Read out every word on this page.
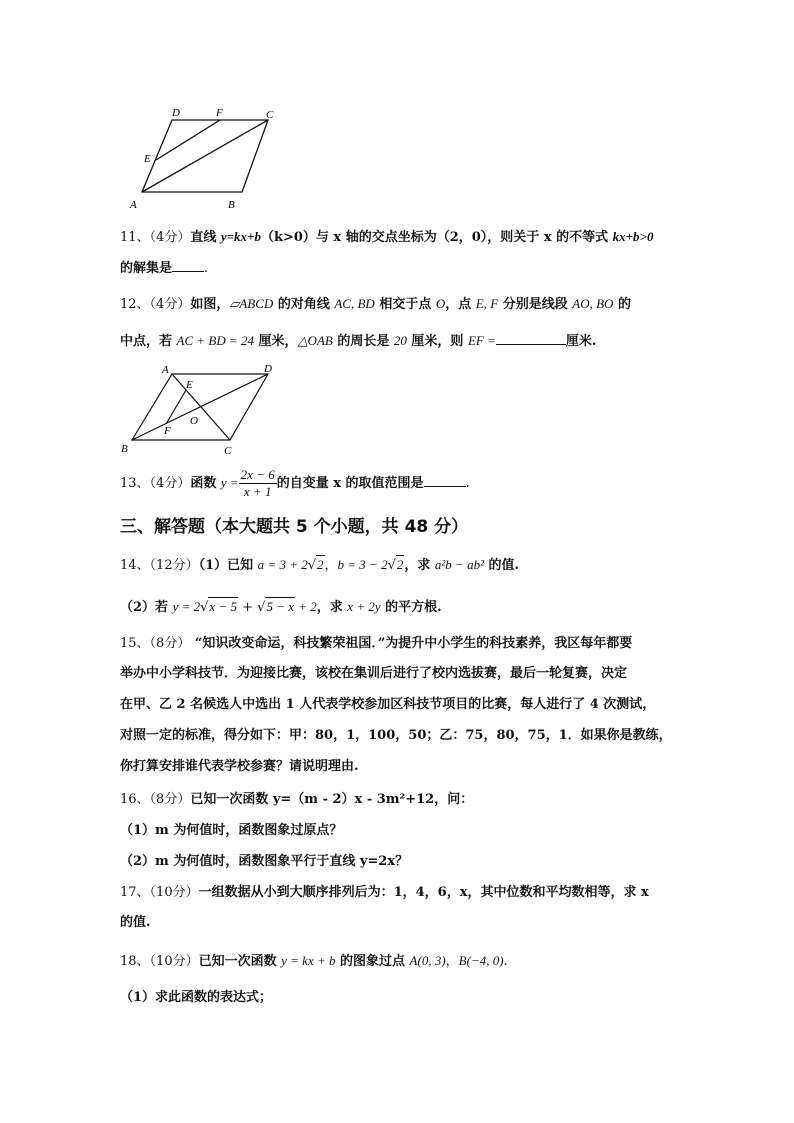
A	B
C
D
E
F
11、（4分）直线 y=kx+b（k>0）与 x 轴的交点坐标为（2，0），则关于 x 的不等式 kx+b>0
的解集是 .
12、（4分）如图，▱ABCD 的对角线 AC, BD 相交于点 O，点 E, F 分别是线段 AO, BO 的
中点，若 AC + BD = 24 厘米，△OAB 的周长是 20 厘米，则 EF =	厘米.
A
B	C
D
E
F
O
13、（4分）函数 $y = \frac{2x - 6}{x + 1}$ 的自变量 x 的取值范围是	.
三、解答题（本大题共 5 个小题，共 48 分）
14、（12分）（1）已知 a = 3 + 2√2，b = 3 − 2√2，求 a²b − ab² 的值.
（2）若 y = 2√x − 5 + √5 − x + 2，求 x + 2y 的平方根.
15、（8分） “知识改变命运，科技繁荣祖国．”为提升中小学生的科技素养，我区每年都要
举办中小学科技节．为迎接比赛，该校在集训后进行了校内选拔赛，最后一轮复赛，决定
在甲、乙 2 名候选人中选出 1 人代表学校参加区科技节项目的比赛，每人进行了 4 次测试，
对照一定的标准，得分如下：甲：80，1，100，50；乙：75，80，75，1．如果你是教练，
你打算安排谁代表学校参赛？请说明理由.
16、（8分）已知一次函数 y=（m - 2）x - 3m²+12，问：
（1）m 为何值时，函数图象过原点？
（2）m 为何值时，函数图象平行于直线 y=2x？
17、（10分）一组数据从小到大顺序排列后为：1，4，6，x，其中位数和平均数相等，求 x
的值.
18、（10分）已知一次函数 y = kx + b 的图象过点 A(0, 3)，B(−4, 0).
（1）求此函数的表达式；
